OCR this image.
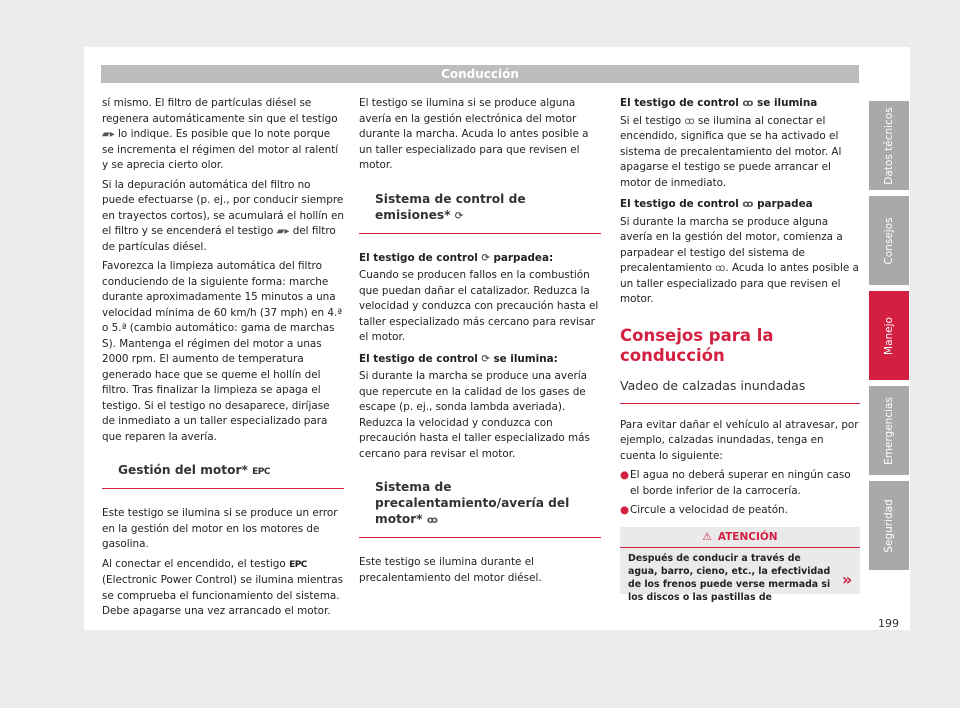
Conducción

sí mismo. El filtro de partículas diésel se regenera automáticamente sin que el testigo ▰▸ lo indique. Es posible que lo note porque se incrementa el régimen del motor al ralentí y se aprecia cierto olor.

Si la depuración automática del filtro no puede efectuarse (p. ej., por conducir siempre en trayectos cortos), se acumulará el hollín en el filtro y se encenderá el testigo ▰▸ del filtro de partículas diésel.

Favorezca la limpieza automática del filtro conduciendo de la siguiente forma: marche durante aproximadamente 15 minutos a una velocidad mínima de 60 km/h (37 mph) en 4.ª o 5.ª (cambio automático: gama de marchas S). Mantenga el régimen del motor a unas 2000 rpm. El aumento de temperatura generado hace que se queme el hollín del filtro. Tras finalizar la limpieza se apaga el testigo. Si el testigo no desaparece, diríjase de inmediato a un taller especializado para que reparen la avería.

Gestión del motor* EPC

Este testigo se ilumina si se produce un error en la gestión del motor en los motores de gasolina.

Al conectar el encendido, el testigo EPC (Electronic Power Control) se ilumina mientras se comprueba el funcionamiento del sistema. Debe apagarse una vez arrancado el motor.

El testigo se ilumina si se produce alguna avería en la gestión electrónica del motor durante la marcha. Acuda lo antes posible a un taller especializado para que revisen el motor.

Sistema de control de emisiones* ⟳

El testigo de control ⟳ parpadea:

Cuando se producen fallos en la combustión que puedan dañar el catalizador. Reduzca la velocidad y conduzca con precaución hasta el taller especializado más cercano para revisar el motor.

El testigo de control ⟳ se ilumina:

Si durante la marcha se produce una avería que repercute en la calidad de los gases de escape (p. ej., sonda lambda averiada). Reduzca la velocidad y conduzca con precaución hasta el taller especializado más cercano para revisar el motor.

Sistema de precalentamiento/avería del motor* ꝏ

Este testigo se ilumina durante el precalentamiento del motor diésel.

El testigo de control ꝏ se ilumina

Si el testigo ꝏ se ilumina al conectar el encendido, significa que se ha activado el sistema de precalentamiento del motor. Al apagarse el testigo se puede arrancar el motor de inmediato.

El testigo de control ꝏ parpadea

Si durante la marcha se produce alguna avería en la gestión del motor, comienza a parpadear el testigo del sistema de precalentamiento ꝏ. Acuda lo antes posible a un taller especializado para que revisen el motor.

Consejos para la conducción
Vadeo de calzadas inundadas

Para evitar dañar el vehículo al atravesar, por ejemplo, calzadas inundadas, tenga en cuenta lo siguiente:

● El agua no deberá superar en ningún caso el borde inferior de la carrocería.

● Circule a velocidad de peatón.

⚠ ATENCIÓN
Después de conducir a través de agua, barro, cieno, etc., la efectividad de los frenos puede verse mermada si los discos o las pastillas de
»
Datos técnicos
Consejos
Manejo
Emergencias
Seguridad
199
